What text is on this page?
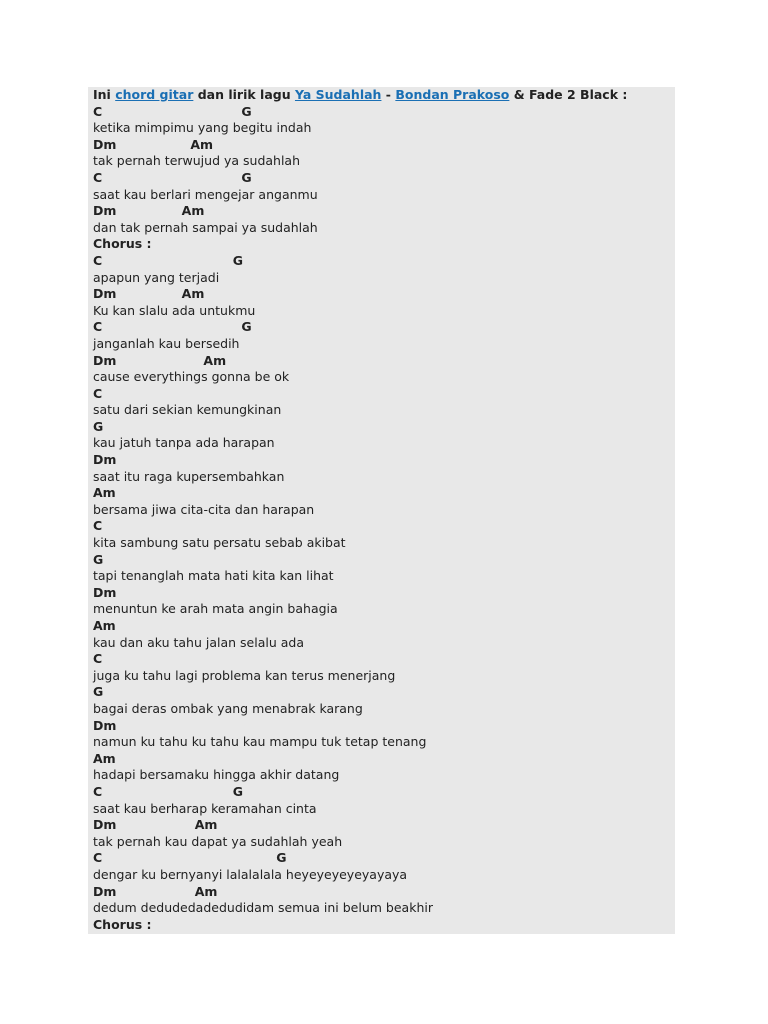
Ini chord gitar dan lirik lagu Ya Sudahlah - Bondan Prakoso & Fade 2 Black :
C                                G
ketika mimpimu yang begitu indah
Dm                 Am
tak pernah terwujud ya sudahlah
C                                G
saat kau berlari mengejar anganmu
Dm               Am
dan tak pernah sampai ya sudahlah
Chorus :
C                              G
apapun yang terjadi
Dm               Am
Ku kan slalu ada untukmu
C                                G
janganlah kau bersedih
Dm                    Am
cause everythings gonna be ok
C
satu dari sekian kemungkinan
G
kau jatuh tanpa ada harapan
Dm
saat itu raga kupersembahkan
Am
bersama jiwa cita-cita dan harapan
C
kita sambung satu persatu sebab akibat
G
tapi tenanglah mata hati kita kan lihat
Dm
menuntun ke arah mata angin bahagia
Am
kau dan aku tahu jalan selalu ada
C
juga ku tahu lagi problema kan terus menerjang
G
bagai deras ombak yang menabrak karang
Dm
namun ku tahu ku tahu kau mampu tuk tetap tenang
Am
hadapi bersamaku hingga akhir datang
C                              G
saat kau berharap keramahan cinta
Dm                  Am
tak pernah kau dapat ya sudahlah yeah
C                                        G
dengar ku bernyanyi lalalalala heyeyeyeyeyayaya
Dm                  Am
dedum dedudedadedudidam semua ini belum beakhir
Chorus :
